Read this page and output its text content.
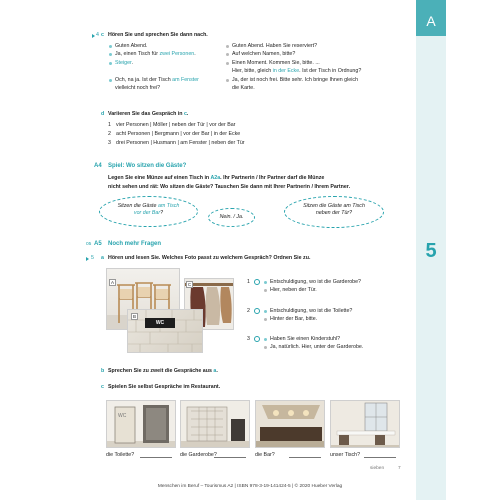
A
5
4 c Hören Sie und sprechen Sie dann nach.
Guten Abend.
Ja, einen Tisch für zwei Personen.
Steiger.
Och, na ja. Ist der Tisch am Fenster
vielleicht noch frei?
Guten Abend. Haben Sie reserviert?
Auf welchen Namen, bitte?
Einen Moment. Kommen Sie, bitte. ...
Hier, bitte, gleich in der Ecke. Ist der Tisch in Ordnung?
Ja, der ist noch frei. Bitte sehr. Ich bringe Ihnen gleich
die Karte.
d Variieren Sie das Gespräch in c.
1 vier Personen | Möller | neben der Tür | vor der Bar
2 acht Personen | Bergmann | vor der Bar | in der Ecke
3 drei Personen | Husmann | am Fenster | neben der Tür
A4 Spiel: Wo sitzen die Gäste?
Legen Sie eine Münze auf einen Tisch in A2a. Ihr Partnerin / Ihr Partner darf die Münze
nicht sehen und rät: Wo sitzen die Gäste? Tauschen Sie dann mit Ihrer Partnerin / Ihrem Partner.
Sitzen die Gäste am Tisch
vor der Bar?
Nein. / Ja.
Sitzen die Gäste am Tisch
neben der Tür?
05 A5 Noch mehr Fragen
5 a Hören und lesen Sie. Welches Foto passt zu welchem Gespräch? Ordnen Sie zu.
A	C
WC
B
1	Entschuldigung, wo ist die Garderobe?
Hier, neben der Tür.
2	Entschuldigung, wo ist die Toilette?
Hinter der Bar, bitte.
3	Haben Sie einen Kinderstuhl?
Ja, natürlich. Hier, unter der Garderobe.
b Sprechen Sie zu zweit die Gespräche aus a.
c Spielen Sie selbst Gespräche im Restaurant.
WC
die Toilette?	die Garderobe?	die Bar?	unser Tisch?
Menschen im Beruf – Tourismus A2 | ISBN 978-3-19-141424-5 | © 2020 Hueber Verlag
sieben	7
